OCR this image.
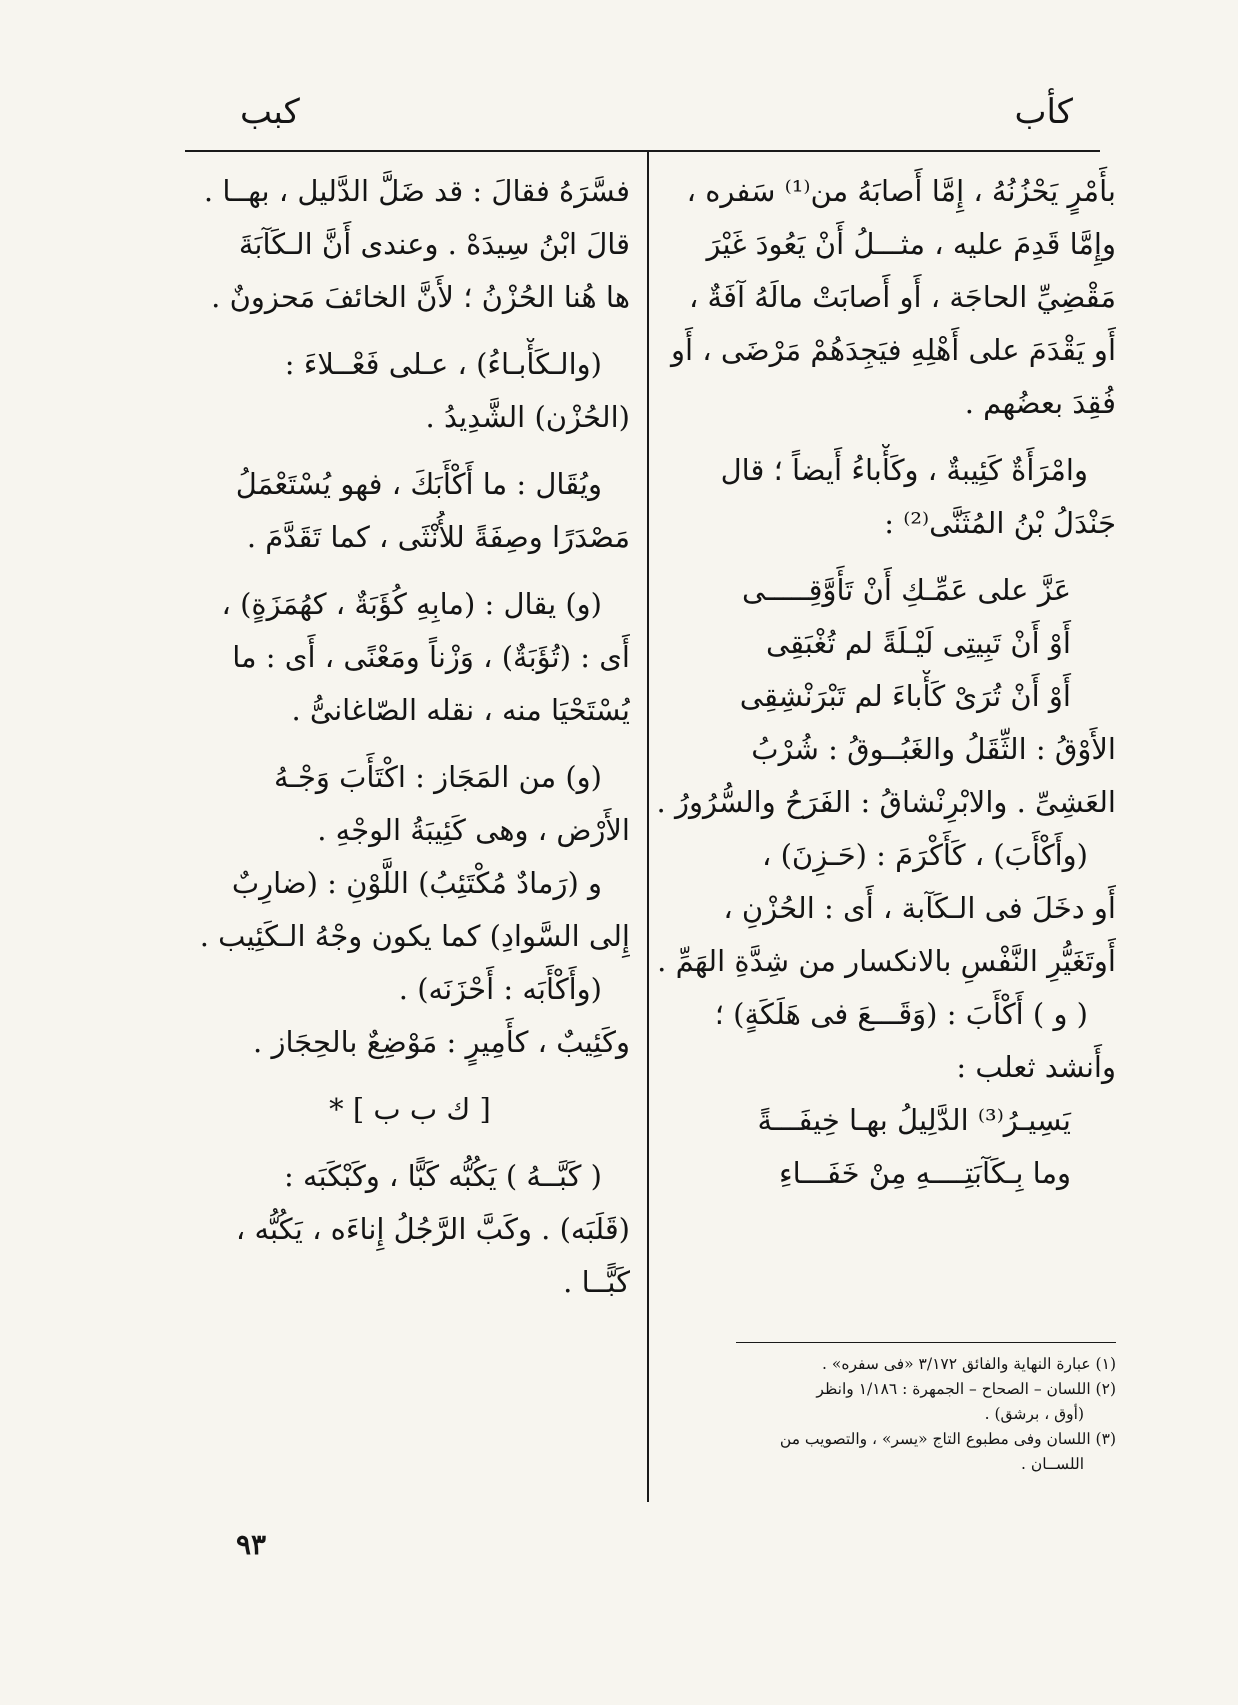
كأب
كبب
بأَمْرٍ يَحْزُنُهُ ، إِمَّا أَصابَهُ من⁽¹⁾ سَفره ،
وإِمَّا قَدِمَ عليه ، مثـــلُ أَنْ يَعُودَ غَيْرَ
مَقْضِيِّ الحاجَة ، أَو أَصابَتْ مالَهُ آفَةٌ ،
أَو يَقْدَمَ على أَهْلِهِ فيَجِدَهُمْ مَرْضَى ، أَو
فُقِدَ بعضُهم .
وامْرَأَةٌ كَئِيبةٌ ، وكَأْباءُ أَيضاً ؛ قال
جَنْدَلُ بْنُ المُثَنَّى⁽²⁾ :
عَزَّ على عَمِّـكِ أَنْ تَأَوَّقِـــــى
أَوْ أَنْ تَبِيتِى لَيْـلَةً لم تُغْبَقِى
أَوْ أَنْ تُرَىْ كَأْباءَ لم تَبْرَنْشِقِى
الأَوْقُ : الثِّقَلُ والغَبُــوقُ : شُرْبُ
العَشِىِّ . والابْرِنْشاقُ : الفَرَحُ والسُّرُورُ .
(وأَكْأَبَ) ، كَأَكْرَمَ : (حَـزِنَ) ،
أَو دخَلَ فى الـكَآبة ، أَى : الحُزْنِ ،
أَوتَغَيُّرِ النَّفْسِ بالانكسار من شِدَّةِ الهَمِّ .
( و ) أَكْأَبَ : (وَقَـــعَ فى هَلَكَةٍ) ؛
وأَنشد ثعلب :
يَسِيـرُ⁽³⁾ الدَّلِيلُ بهـا خِيفَـــةً
وما بِـكَآبَتِــــهِ مِنْ خَفَـــاءِ
فسَّرَهُ فقالَ : قد ضَلَّ الدَّليل ، بهــا .
قالَ ابْنُ سِيدَهْ . وعندى أَنَّ الـكَآبَةَ
ها هُنا الحُزْنُ ؛ لأَنَّ الخائفَ مَحزونٌ .
(والـكَأْبـاءُ) ، عـلى فَعْــلاءَ :
(الحُزْن) الشَّدِيدُ .
ويُقَال : ما أَكْأَبَكَ ، فهو يُسْتَعْمَلُ
مَصْدَرًا وصِفَةً للأُنْثَى ، كما تَقَدَّمَ .
(و) يقال : (مابِهِ كُؤَبَةٌ ، كهُمَزَةٍ) ،
أَى : (تُؤَبَةٌ) ، وَزْناً ومَعْنًى ، أَى : ما
يُسْتَحْيَا منه ، نقله الصّاغانىُّ .
(و) من المَجَاز : اكْتَأَبَ وَجْـهُ
الأَرْض ، وهى كَئِيبَةُ الوجْهِ .
و (رَمادٌ مُكْتَئِبُ) اللَّوْنِ : (ضارِبٌ
إِلى السَّوادِ) كما يكون وجْهُ الـكَئِيب .
(وأَكْأَبَه : أَحْزَنَه) .
وكَئِيبٌ ، كأَمِيرٍ : مَوْضِعٌ بالحِجَاز .
[ ك ب ب ] *
( كَبَّــهُ ) يَكُبُّه كَبًّا ، وكَبْكَبَه :
(قَلَبَه) . وكَبَّ الرَّجُلُ إِناءَه ، يَكُبُّه ،
كَبًّــا .
(١) عبارة النهاية والفائق ٣/١٧٢ «فى سفره» .
(٢) اللسان – الصحاح – الجمهرة : ١/١٨٦ وانظر
(أوق ، برشق) .
(٣) اللسان وفى مطبوع التاج «يسر» ، والتصويب من
اللســان .
٩٣
